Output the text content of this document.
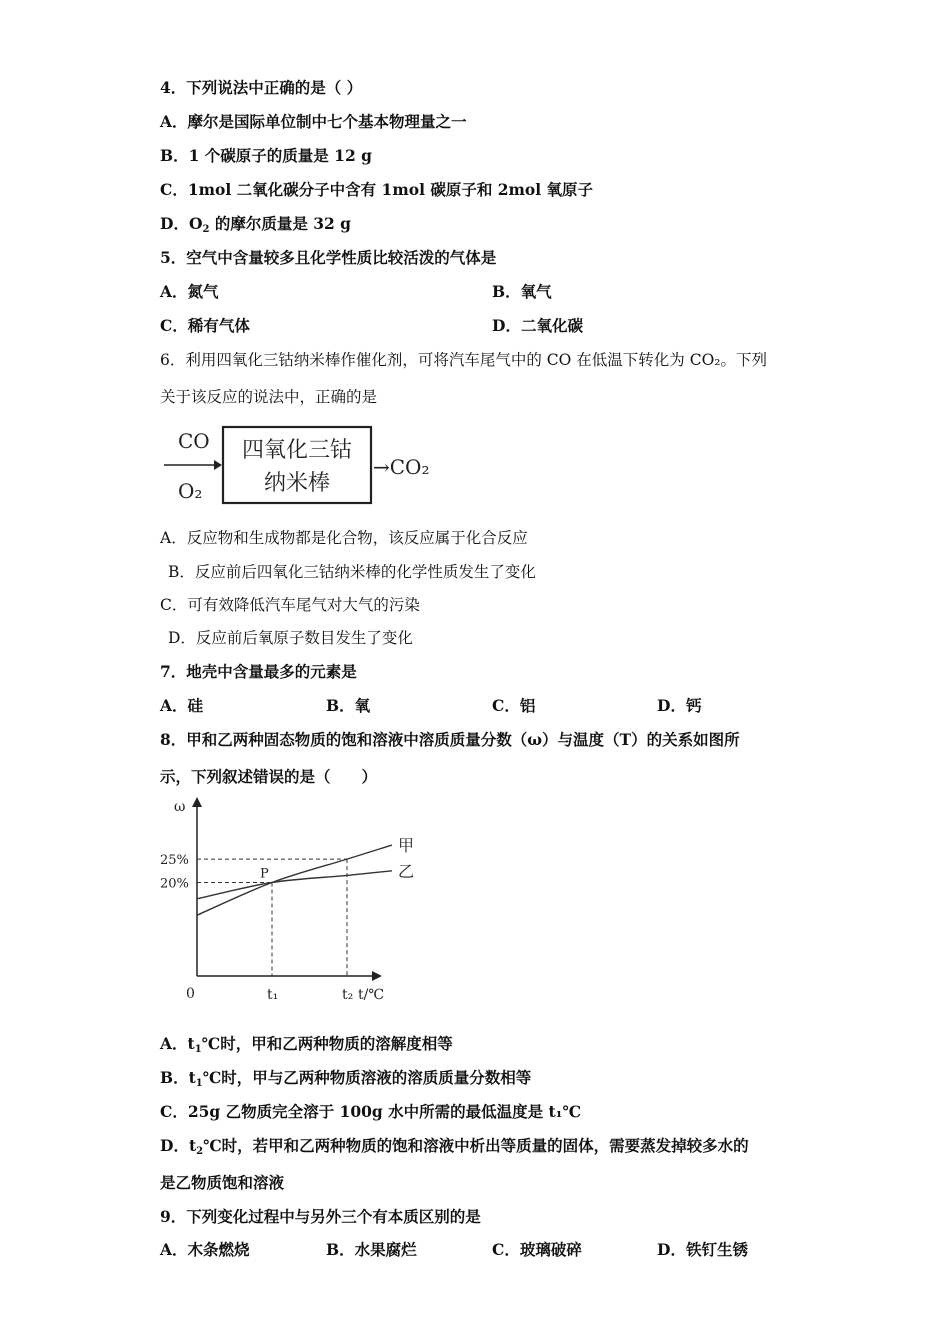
4．下列说法中正确的是（ ）
A．摩尔是国际单位制中七个基本物理量之一
B．1 个碳原子的质量是 12 g
C．1mol 二氧化碳分子中含有 1mol 碳原子和 2mol 氧原子
D．$O_2$ 的摩尔质量是 32 g
5．空气中含量较多且化学性质比较活泼的气体是
A．氮气	B．氧气
C．稀有气体	D．二氧化碳
6．利用四氧化三钴纳米棒作催化剂，可将汽车尾气中的 CO 在低温下转化为 CO₂。下列
关于该反应的说法中，正确的是
CO
O₂
四氧化三钴
纳米棒
→CO₂
A．反应物和生成物都是化合物，该反应属于化合反应
B．反应前后四氧化三钴纳米棒的化学性质发生了变化
C．可有效降低汽车尾气对大气的污染
D．反应前后氧原子数目发生了变化
7．地壳中含量最多的元素是
A．硅	B．氧	C．铝	D．钙
8．甲和乙两种固态物质的饱和溶液中溶质质量分数（ω）与温度（T）的关系如图所
示，下列叙述错误的是（　　）
ω
t/℃
0
甲
乙
25%
20%
t₁	t₂
P
A．$t_1℃$时，甲和乙两种物质的溶解度相等
B．$t_1℃$时，甲与乙两种物质溶液的溶质质量分数相等
C．25g 乙物质完全溶于 100g 水中所需的最低温度是 t₁℃
D．$t_2℃$时，若甲和乙两种物质的饱和溶液中析出等质量的固体，需要蒸发掉较多水的
是乙物质饱和溶液
9．下列变化过程中与另外三个有本质区别的是
A．木条燃烧	B．水果腐烂	C．玻璃破碎	D．铁钉生锈
